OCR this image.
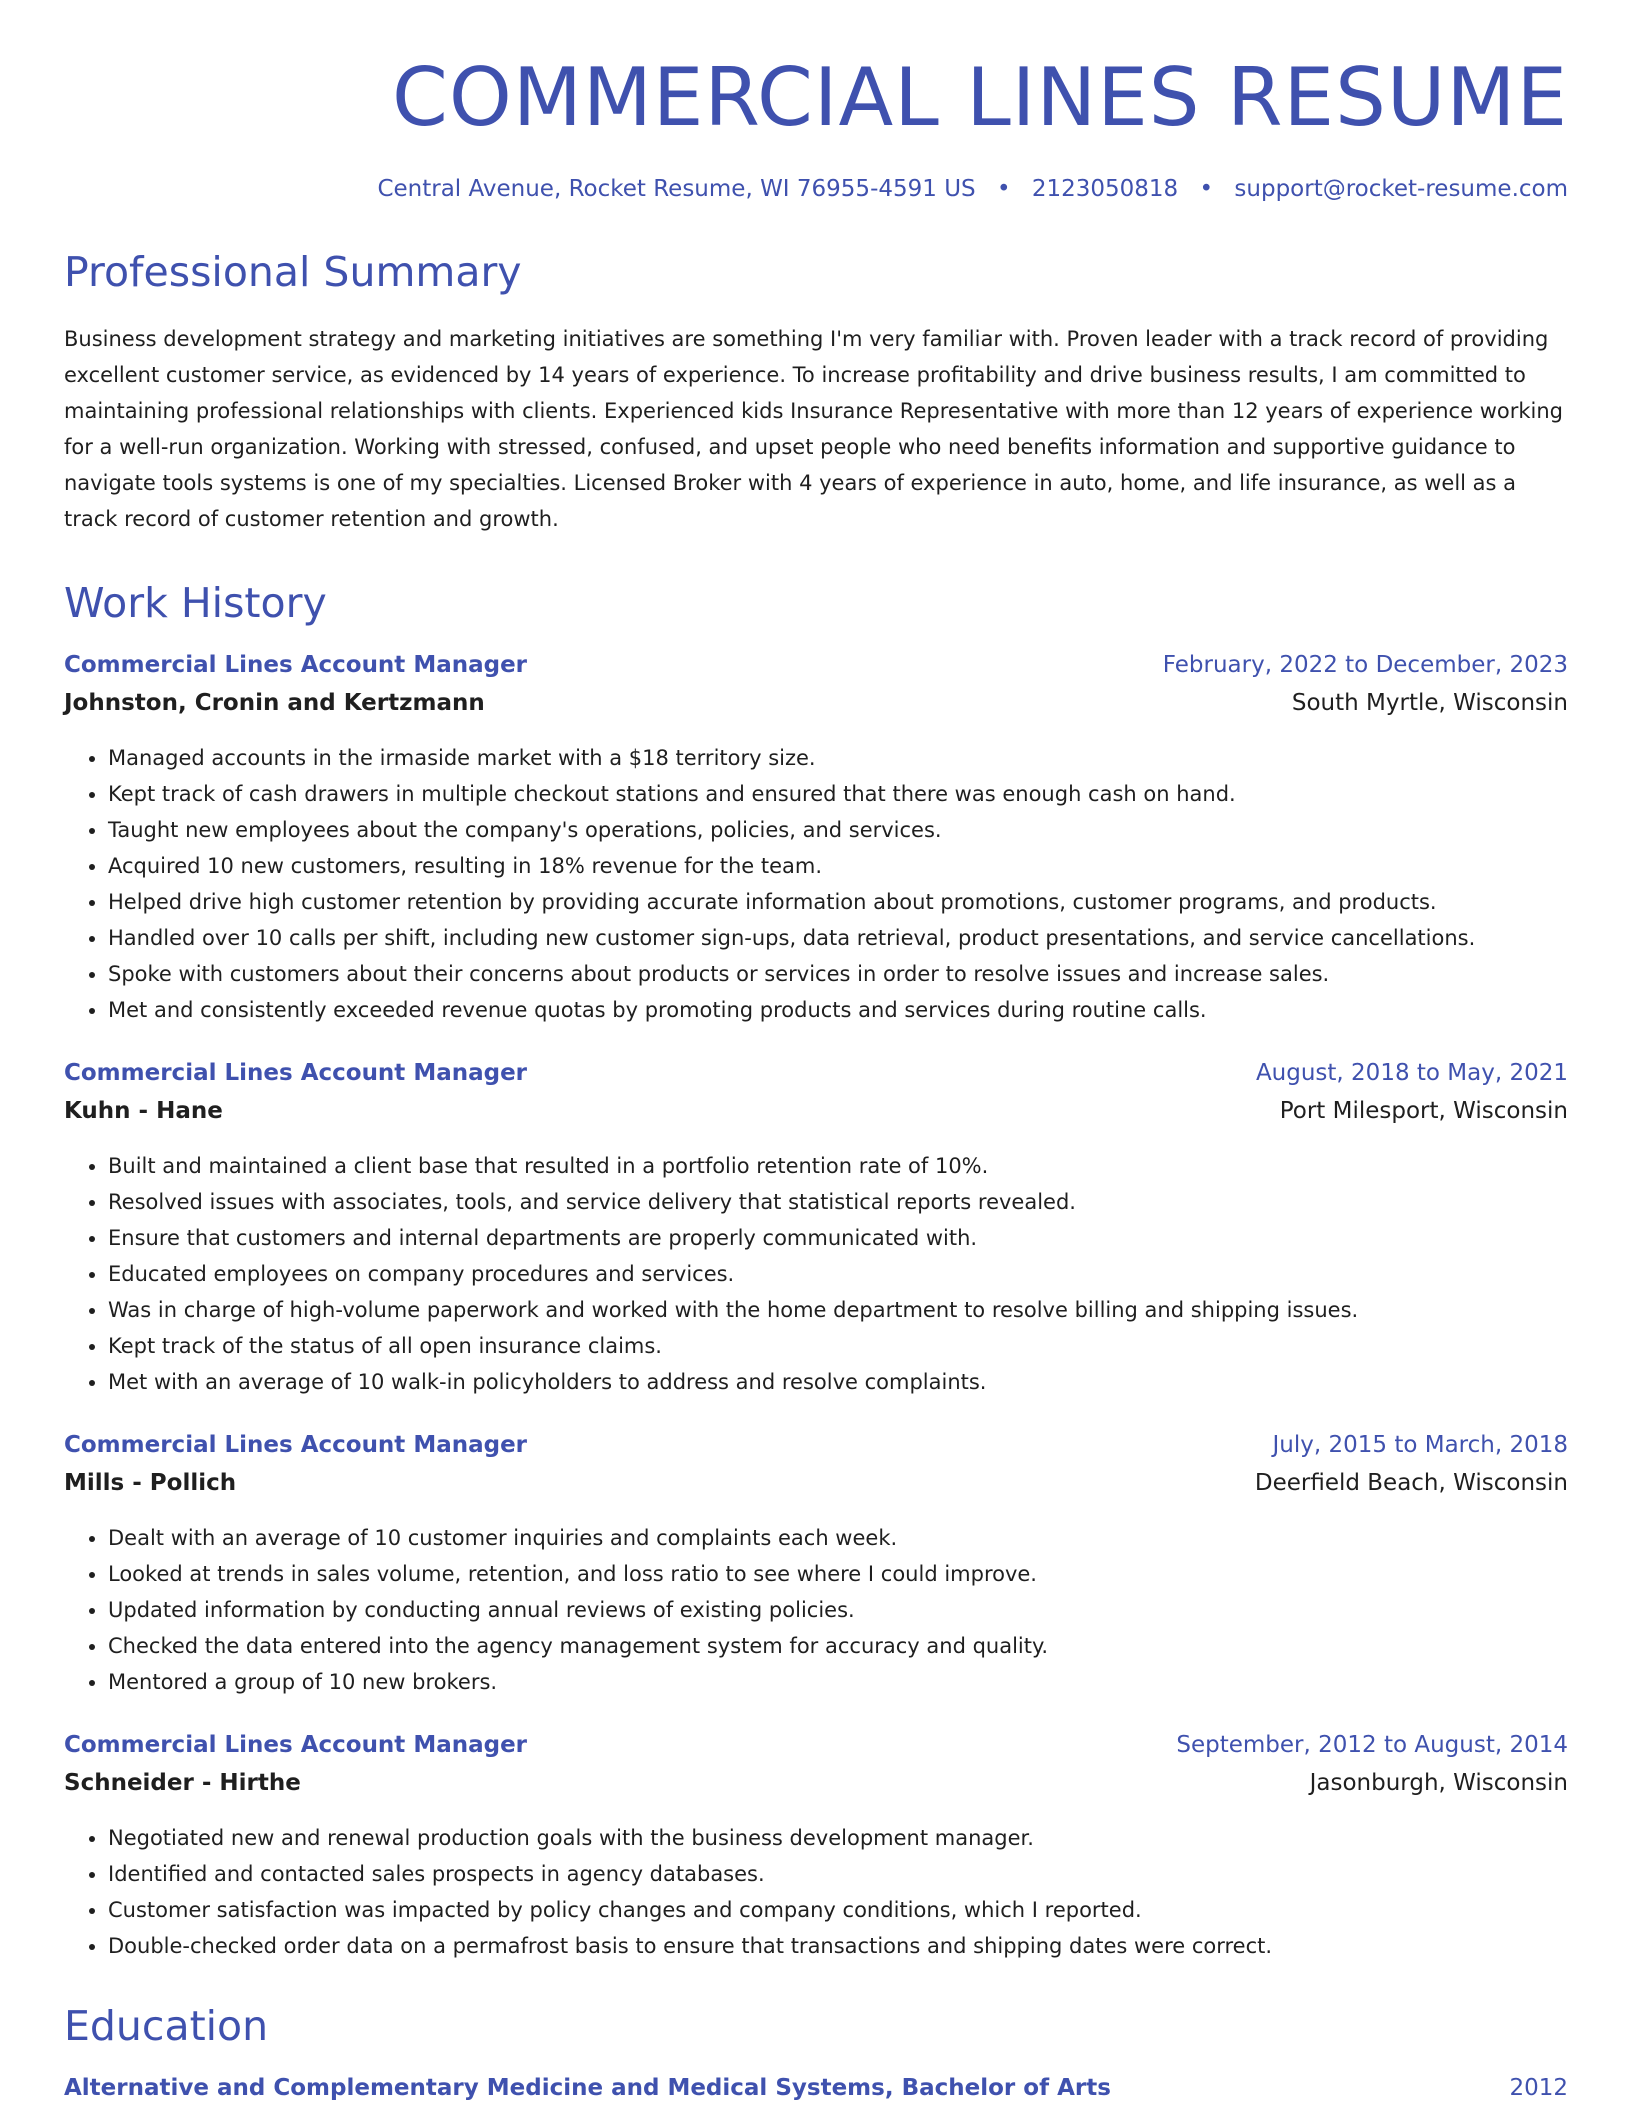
COMMERCIAL LINES RESUME
Central Avenue, Rocket Resume, WI 76955-4591 US • 2123050818 • support@rocket-resume.com
Professional Summary

Business development strategy and marketing initiatives are something I'm very familiar with. Proven leader with a track record of providing excellent customer service, as evidenced by 14 years of experience. To increase profitability and drive business results, I am committed to maintaining professional relationships with clients. Experienced kids Insurance Representative with more than 12 years of experience working for a well-run organization. Working with stressed, confused, and upset people who need benefits information and supportive guidance to navigate tools systems is one of my specialties. Licensed Broker with 4 years of experience in auto, home, and life insurance, as well as a track record of customer retention and growth.

Work History
Commercial Lines Account Manager	February, 2022 to December, 2023
Johnston, Cronin and Kertzmann	South Myrtle, Wisconsin
• Managed accounts in the irmaside market with a $18 territory size.
• Kept track of cash drawers in multiple checkout stations and ensured that there was enough cash on hand.
• Taught new employees about the company's operations, policies, and services.
• Acquired 10 new customers, resulting in 18% revenue for the team.
• Helped drive high customer retention by providing accurate information about promotions, customer programs, and products.
• Handled over 10 calls per shift, including new customer sign-ups, data retrieval, product presentations, and service cancellations.
• Spoke with customers about their concerns about products or services in order to resolve issues and increase sales.
• Met and consistently exceeded revenue quotas by promoting products and services during routine calls.
Commercial Lines Account Manager	August, 2018 to May, 2021
Kuhn - Hane	Port Milesport, Wisconsin
• Built and maintained a client base that resulted in a portfolio retention rate of 10%.
• Resolved issues with associates, tools, and service delivery that statistical reports revealed.
• Ensure that customers and internal departments are properly communicated with.
• Educated employees on company procedures and services.
• Was in charge of high-volume paperwork and worked with the home department to resolve billing and shipping issues.
• Kept track of the status of all open insurance claims.
• Met with an average of 10 walk-in policyholders to address and resolve complaints.
Commercial Lines Account Manager	July, 2015 to March, 2018
Mills - Pollich	Deerfield Beach, Wisconsin
• Dealt with an average of 10 customer inquiries and complaints each week.
• Looked at trends in sales volume, retention, and loss ratio to see where I could improve.
• Updated information by conducting annual reviews of existing policies.
• Checked the data entered into the agency management system for accuracy and quality.
• Mentored a group of 10 new brokers.
Commercial Lines Account Manager	September, 2012 to August, 2014
Schneider - Hirthe	Jasonburgh, Wisconsin
• Negotiated new and renewal production goals with the business development manager.
• Identified and contacted sales prospects in agency databases.
• Customer satisfaction was impacted by policy changes and company conditions, which I reported.
• Double-checked order data on a permafrost basis to ensure that transactions and shipping dates were correct.
Education
Alternative and Complementary Medicine and Medical Systems, Bachelor of Arts	2012
